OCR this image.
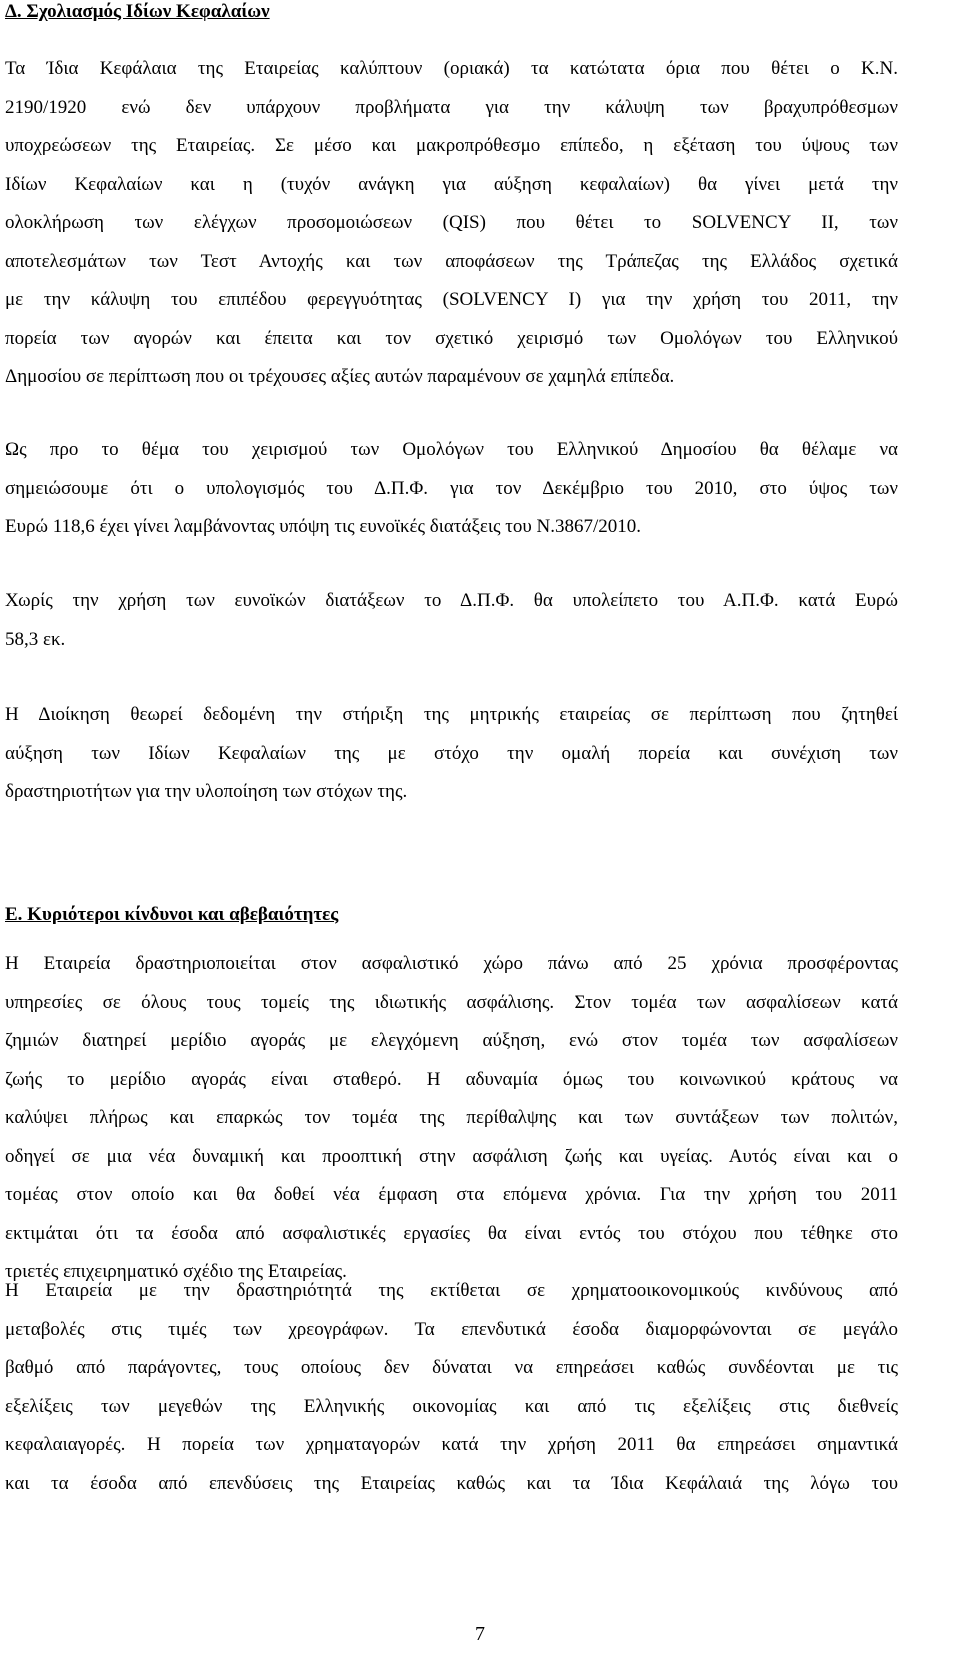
Δ. Σχολιασμός Ιδίων Κεφαλαίων
Τα Ίδια Κεφάλαια της Εταιρείας καλύπτουν (οριακά) τα κατώτατα όρια που θέτει ο Κ.Ν.
2190/1920 ενώ δεν υπάρχουν προβλήματα για την κάλυψη των βραχυπρόθεσμων
υποχρεώσεων της Εταιρείας. Σε μέσο και μακροπρόθεσμο επίπεδο, η εξέταση του ύψους των
Ιδίων Κεφαλαίων και η (τυχόν ανάγκη για αύξηση κεφαλαίων) θα γίνει μετά την
ολοκλήρωση των ελέγχων προσομοιώσεων (QIS) που θέτει το SOLVENCY II, των
αποτελεσμάτων των Τεστ Αντοχής και των αποφάσεων της Τράπεζας της Ελλάδος σχετικά
με την κάλυψη του επιπέδου φερεγγυότητας (SOLVENCY I) για την χρήση του 2011, την
πορεία των αγορών και έπειτα και τον σχετικό χειρισμό των Ομολόγων του Ελληνικού
Δημοσίου σε περίπτωση που οι τρέχουσες αξίες αυτών παραμένουν σε χαμηλά επίπεδα.
Ως προ το θέμα του χειρισμού των Ομολόγων του Ελληνικού Δημοσίου θα θέλαμε να
σημειώσουμε ότι ο υπολογισμός του Δ.Π.Φ. για τον Δεκέμβριο του 2010, στο ύψος των
Ευρώ 118,6 έχει γίνει λαμβάνοντας υπόψη τις ευνοϊκές διατάξεις του Ν.3867/2010.
Χωρίς την χρήση των ευνοϊκών διατάξεων το Δ.Π.Φ. θα υπολείπετο του Α.Π.Φ. κατά Ευρώ
58,3 εκ.
Η Διοίκηση θεωρεί δεδομένη την στήριξη της μητρικής εταιρείας σε περίπτωση που ζητηθεί
αύξηση των Ιδίων Κεφαλαίων της με στόχο την ομαλή πορεία και συνέχιση των
δραστηριοτήτων για την υλοποίηση των στόχων της.
Ε. Κυριότεροι κίνδυνοι και αβεβαιότητες
Η Εταιρεία δραστηριοποιείται στον ασφαλιστικό χώρο πάνω από 25 χρόνια προσφέροντας
υπηρεσίες σε όλους τους τομείς της ιδιωτικής ασφάλισης. Στον τομέα των ασφαλίσεων κατά
ζημιών διατηρεί μερίδιο αγοράς με ελεγχόμενη αύξηση, ενώ στον τομέα των ασφαλίσεων
ζωής το μερίδιο αγοράς είναι σταθερό. Η αδυναμία όμως του κοινωνικού κράτους να
καλύψει πλήρως και επαρκώς τον τομέα της περίθαλψης και των συντάξεων των πολιτών,
οδηγεί σε μια νέα δυναμική και προοπτική στην ασφάλιση ζωής και υγείας. Αυτός είναι και ο
τομέας στον οποίο και θα δοθεί νέα έμφαση στα επόμενα χρόνια. Για την χρήση του 2011
εκτιμάται ότι τα έσοδα από ασφαλιστικές εργασίες θα είναι εντός του στόχου που τέθηκε στο
τριετές επιχειρηματικό σχέδιο της Εταιρείας.
Η Εταιρεία με την δραστηριότητά της εκτίθεται σε χρηματοοικονομικούς κινδύνους από
μεταβολές στις τιμές των χρεογράφων. Τα επενδυτικά έσοδα διαμορφώνονται σε μεγάλο
βαθμό από παράγοντες, τους οποίους δεν δύναται να επηρεάσει καθώς συνδέονται με τις
εξελίξεις των μεγεθών της Ελληνικής οικονομίας και από τις εξελίξεις στις διεθνείς
κεφαλαιαγορές. Η πορεία των χρηματαγορών κατά την χρήση 2011 θα επηρεάσει σημαντικά
και τα έσοδα από επενδύσεις της Εταιρείας καθώς και τα Ίδια Κεφάλαιά της λόγω του
7
